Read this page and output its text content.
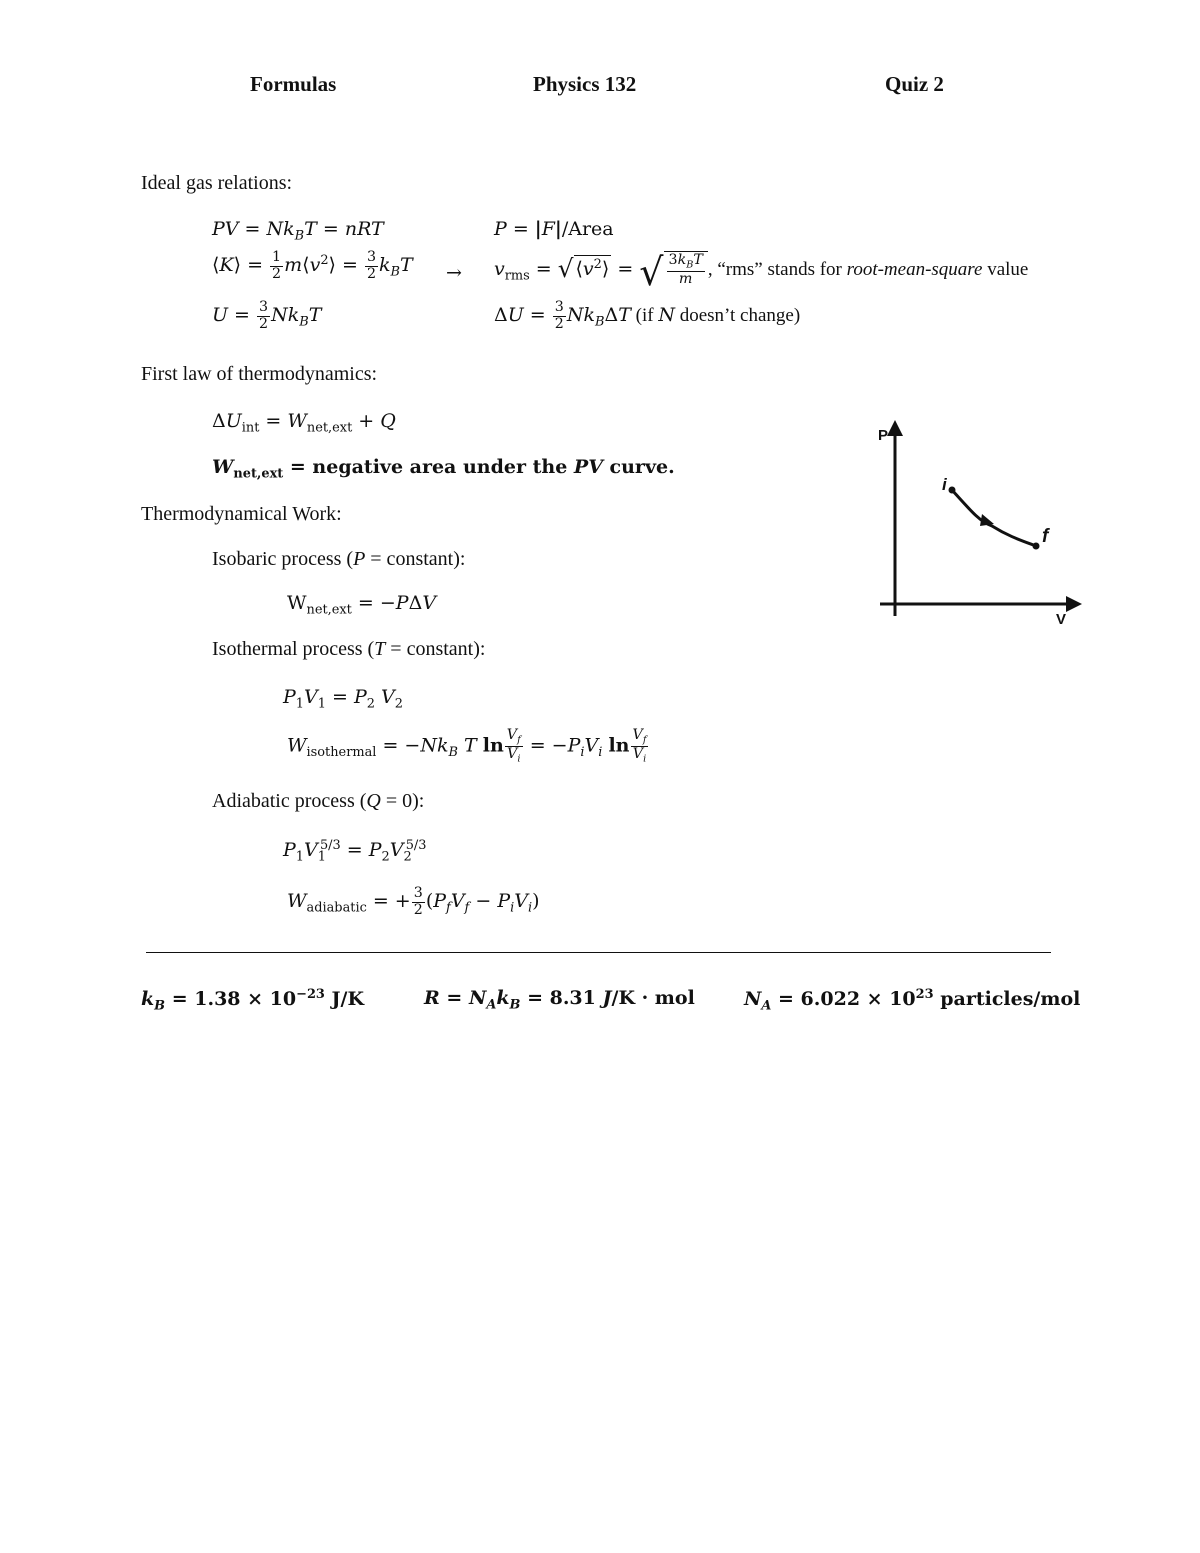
Formulas	Physics 132	Quiz 2
Ideal gas relations:
PV = $Nk_BT$ = nRT	P = |F|/Area
⟨K⟩ = $\frac{1}{2}$ $m⟨v^2⟩ = \frac{3}{2} k_BT \to v_{rms}$ = √ $⟨v^2⟩$ = √ $\frac{3k_BT}{m}$ , “rms” stands for root-mean-square value
$U = \frac{3}{2} Nk_BT$	$\Delta U = \frac{3}{2} Nk_B\Delta T$ (if N doesn’t change)
First law of thermodynamics:
$\Delta U_{int} = W_{net,ext} + Q$
$W_{net,ext}$ = negative area under the PV curve.
Thermodynamical Work:
Isobaric process (P = constant):
$W_{net,ext} = -P\Delta V$
Isothermal process (T = constant):
$P_1V_1 = P_2$ $V_2$
$W_{isothermal} = -Nk_B$ T $\ln \frac{V_f}{V_i} = -P_iV_i$ $\ln \frac{V_f}{V_i}$
Adiabatic process (Q = 0):
$P_1V_1^{5/3} = P_2V_2^{5/3}$
$W_{adiabatic}$ = + $\frac{3}{2} (P_fV_f - P_iV_i)$
$k_B = 1.38 \times 10^{-23}$ J/K	$R = N_Ak_B = 8.31$ J/K · mol	$N_A = 6.022 \times 10^{23}$ particles/mol
P
V
i
f
